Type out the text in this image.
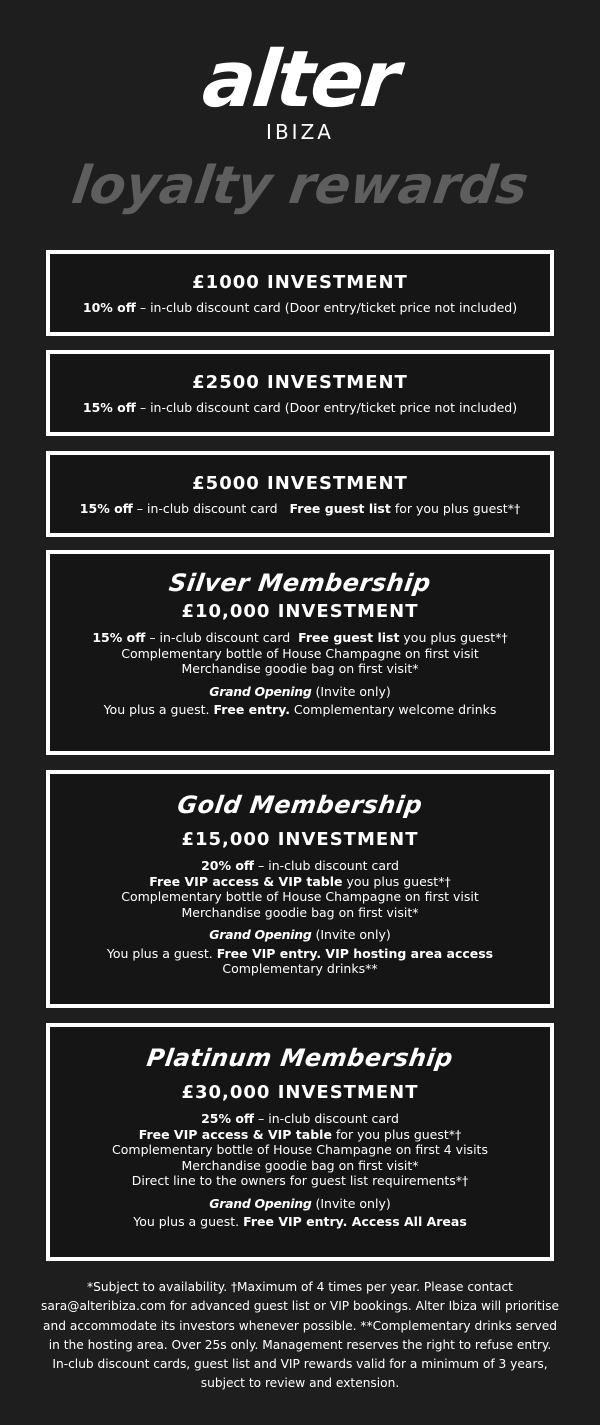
alter
IBIZA
loyalty rewards
£1000 INVESTMENT
10% off – in-club discount card (Door entry/ticket price not included)
£2500 INVESTMENT
15% off – in-club discount card (Door entry/ticket price not included)
£5000 INVESTMENT
15% off – in-club discount card Free guest list for you plus guest*†
Silver Membership
£10,000 INVESTMENT
15% off – in-club discount card Free guest list you plus guest*†
Complementary bottle of House Champagne on first visit
Merchandise goodie bag on first visit*
Grand Opening (Invite only)
You plus a guest. Free entry. Complementary welcome drinks
Gold Membership
£15,000 INVESTMENT
20% off – in-club discount card
Free VIP access & VIP table you plus guest*†
Complementary bottle of House Champagne on first visit
Merchandise goodie bag on first visit*
Grand Opening (Invite only)
You plus a guest. Free VIP entry. VIP hosting area access
Complementary drinks**
Platinum Membership
£30,000 INVESTMENT
25% off – in-club discount card
Free VIP access & VIP table for you plus guest*†
Complementary bottle of House Champagne on first 4 visits
Merchandise goodie bag on first visit*
Direct line to the owners for guest list requirements*†
Grand Opening (Invite only)
You plus a guest. Free VIP entry. Access All Areas
*Subject to availability. †Maximum of 4 times per year. Please contact sara@alteribiza.com for advanced guest list or VIP bookings. Alter Ibiza will prioritise and accommodate its investors whenever possible. **Complementary drinks served in the hosting area. Over 25s only. Management reserves the right to refuse entry. In-club discount cards, guest list and VIP rewards valid for a minimum of 3 years, subject to review and extension.
